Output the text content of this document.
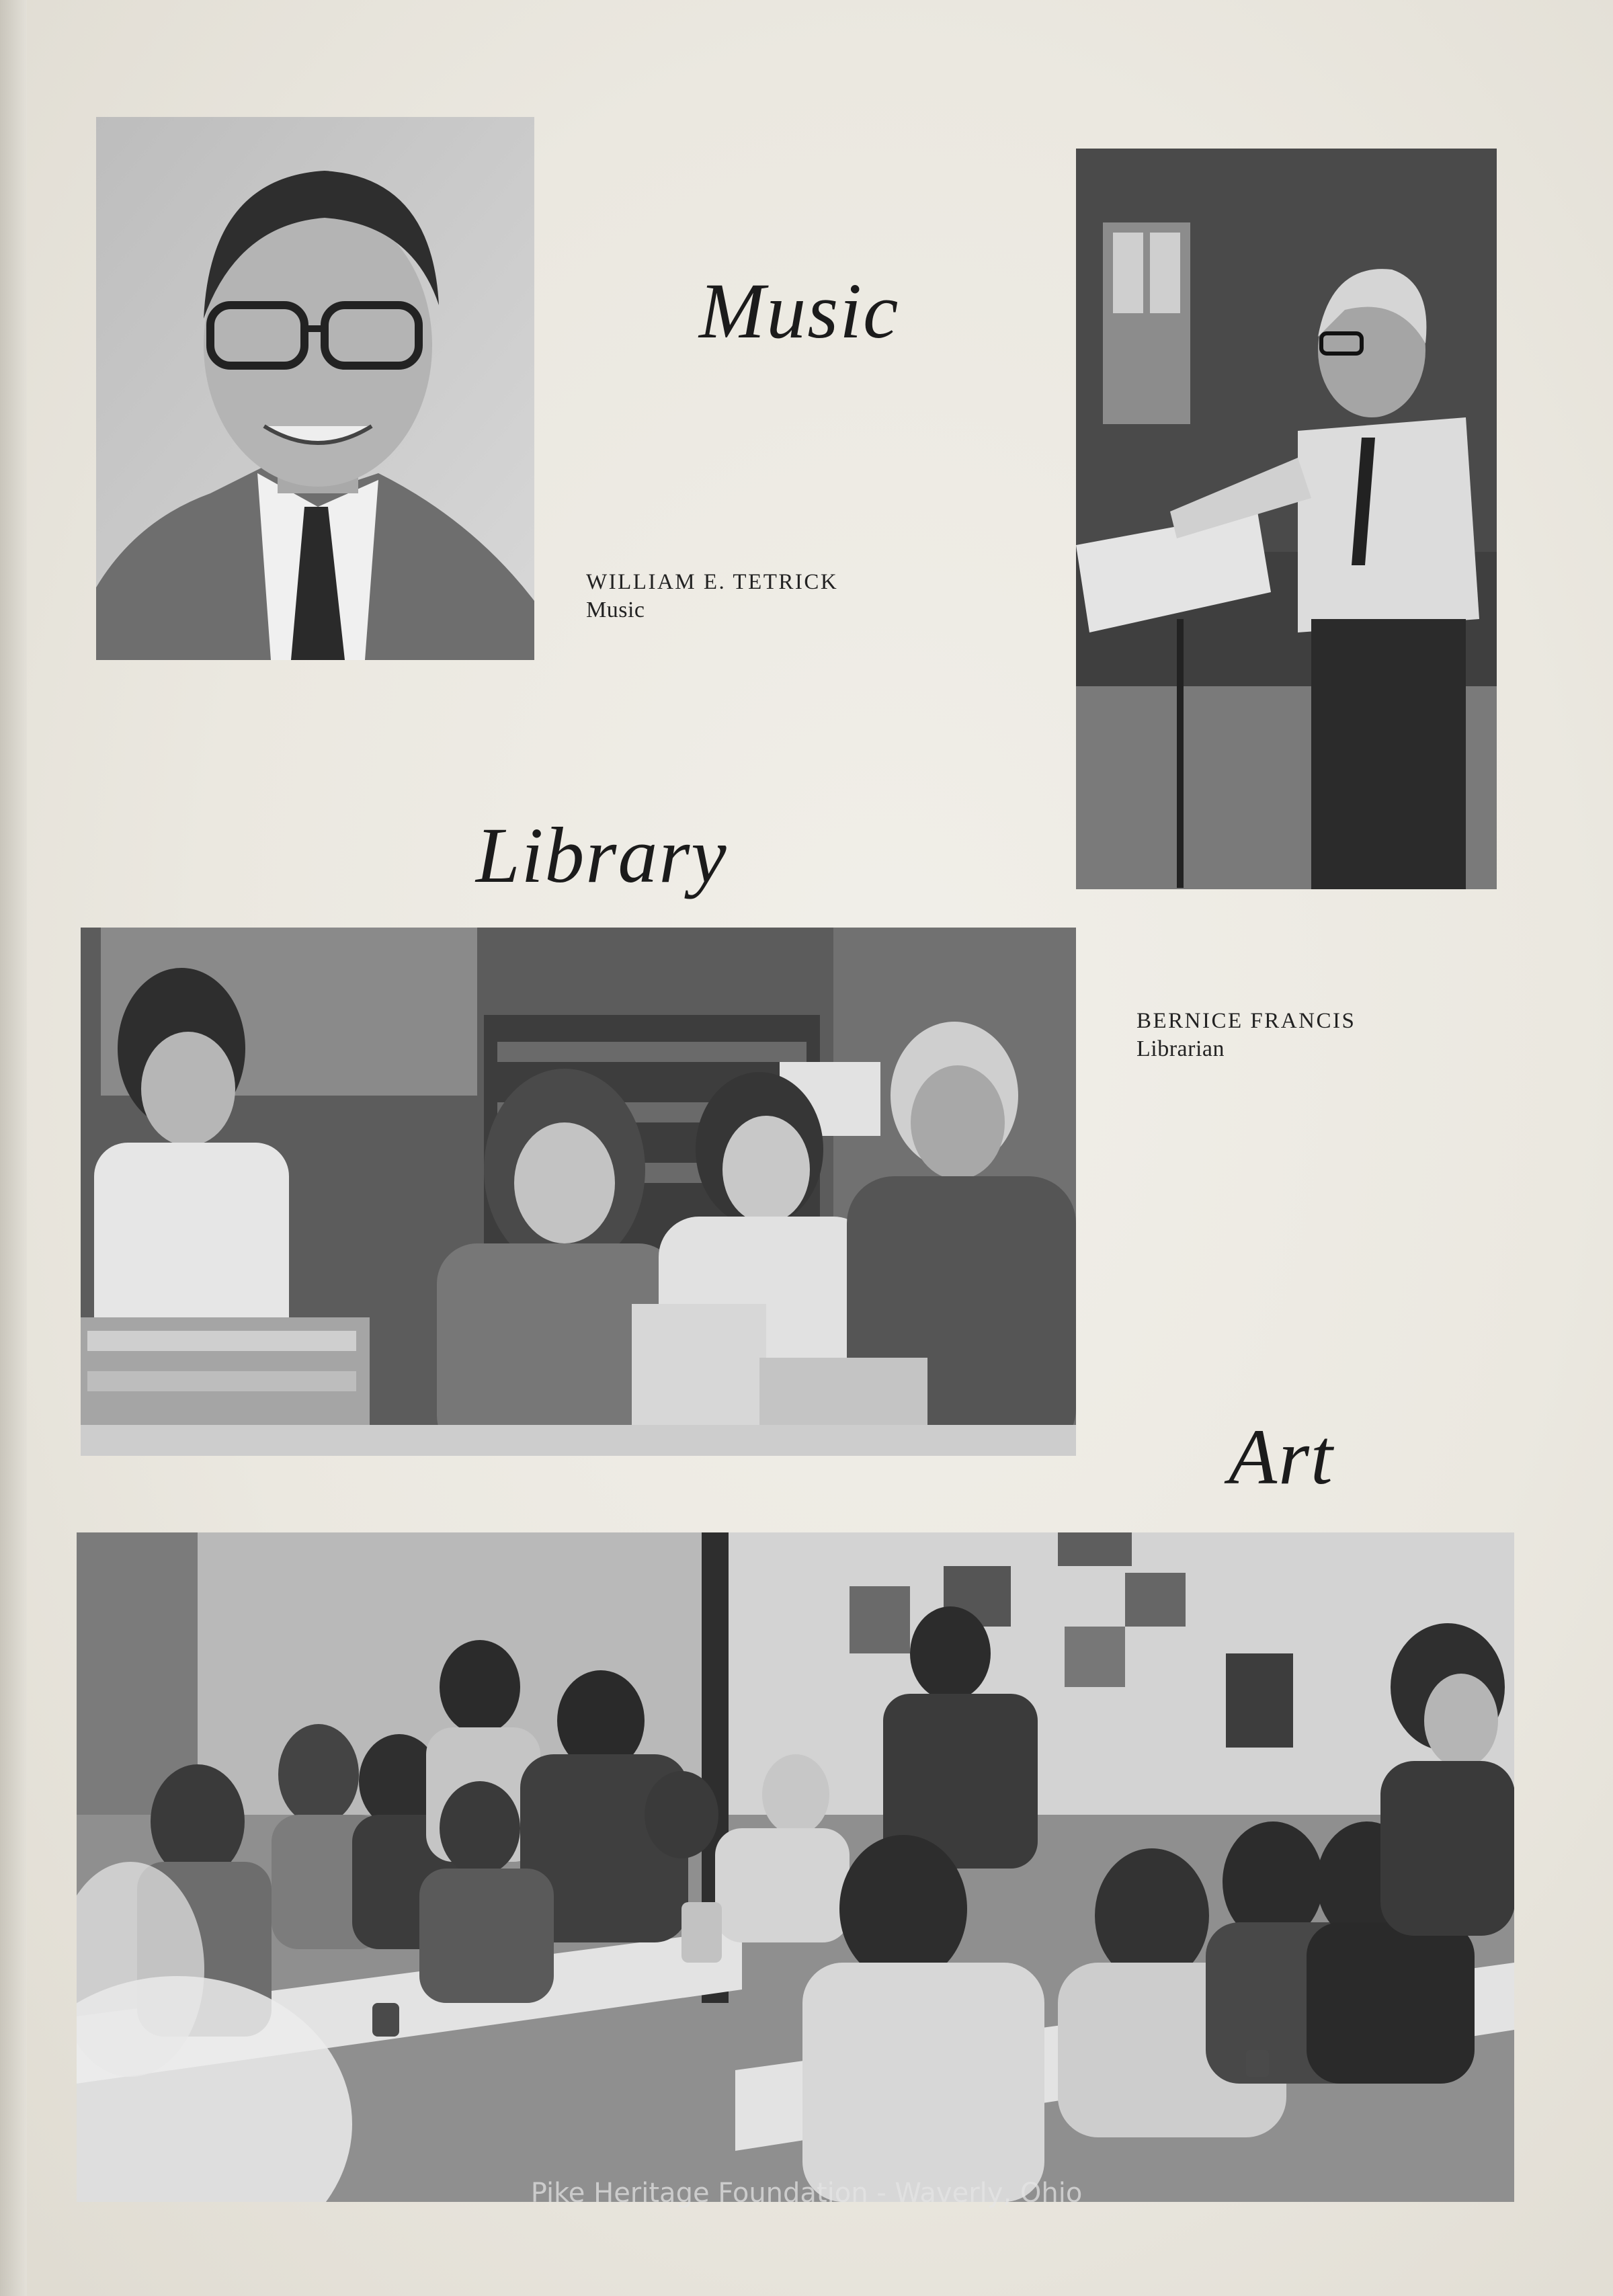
Music
WILLIAM E. TETRICK
Music
Library
BERNICE FRANCIS
Librarian
Art
Pike Heritage Foundation - Waverly, Ohio
